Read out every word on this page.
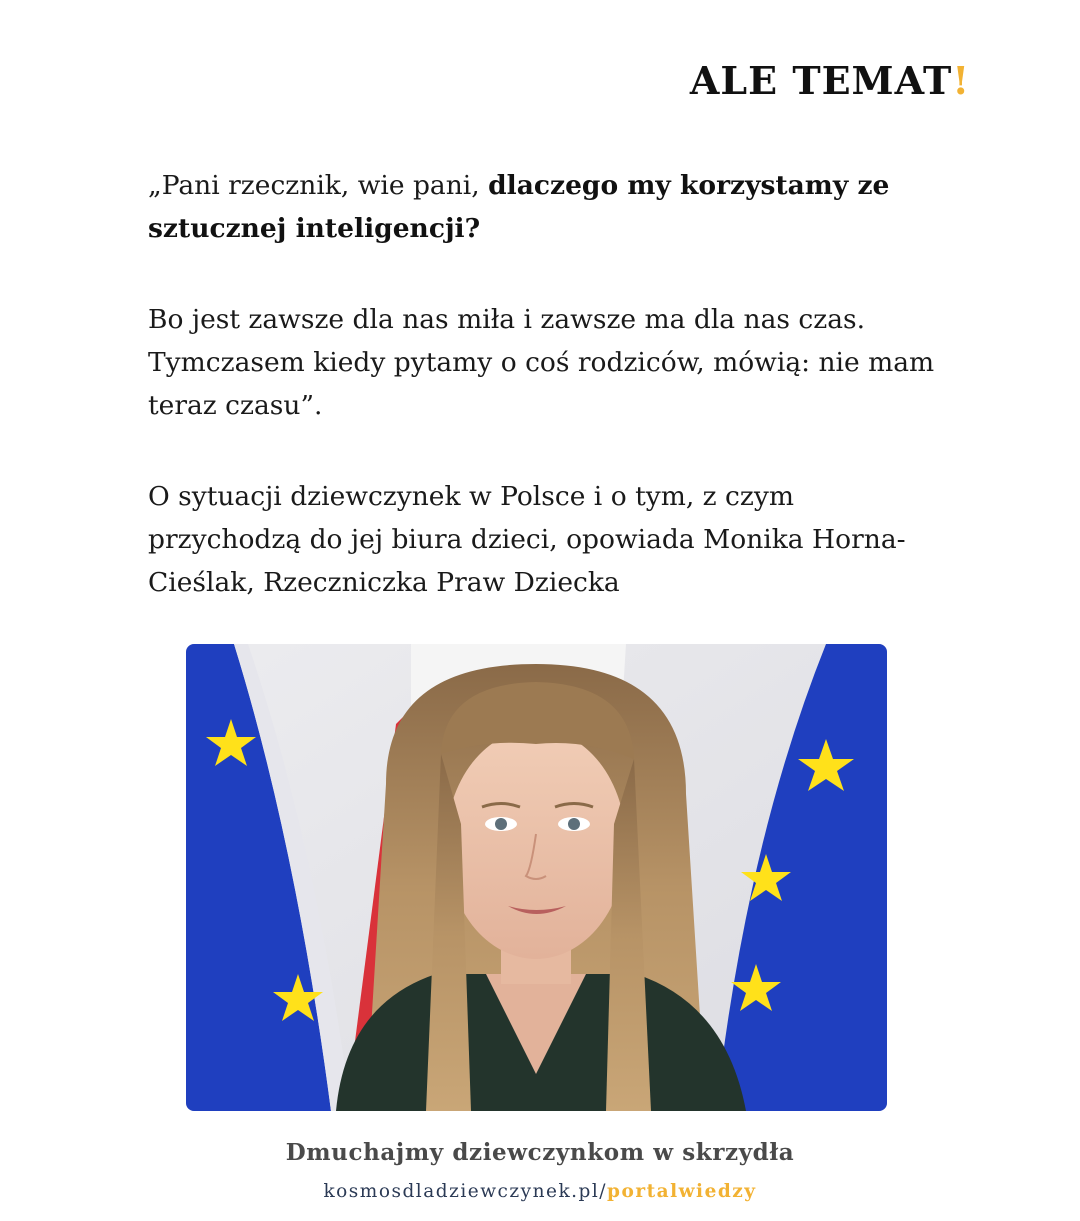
ALE TEMAT!

„Pani rzecznik, wie pani, dlaczego my korzystamy ze sztucznej inteligencji?

Bo jest zawsze dla nas miła i zawsze ma dla nas czas. Tymczasem kiedy pytamy o coś rodziców, mówią: nie mam teraz czasu”.

O sytuacji dziewczynek w Polsce i o tym, z czym przychodzą do jej biura dzieci, opowiada Monika Horna-Cieślak, Rzeczniczka Praw Dziecka

Dmuchajmy dziewczynkom w skrzydła
kosmosdladziewczynek.pl/portalwiedzy
